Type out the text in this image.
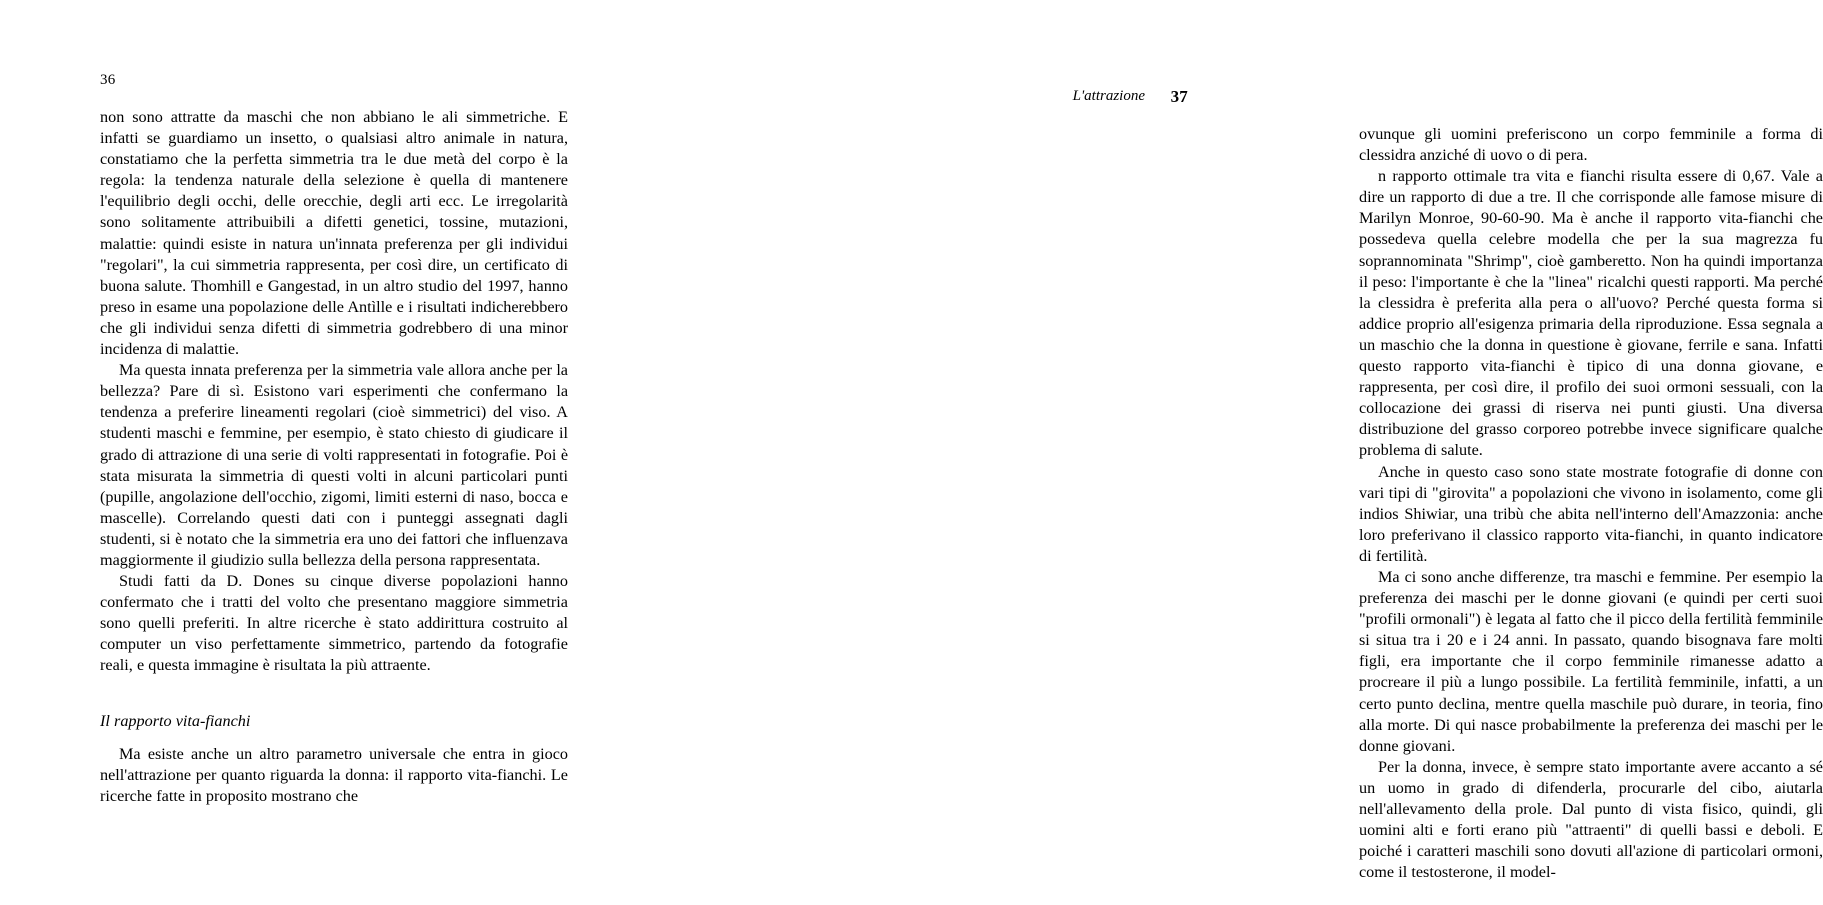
36

non sono attratte da maschi che non abbiano le ali simmetriche. E infatti se guardiamo un insetto, o qualsiasi altro animale in natura, constatiamo che la perfetta simmetria tra le due metà del corpo è la regola: la tendenza naturale della selezione è quella di mantenere l'equilibrio degli occhi, delle orecchie, degli arti ecc. Le irregolarità sono solitamente attribuibili a difetti genetici, tossine, mutazioni, malattie: quindi esiste in natura un'innata preferenza per gli individui "regolari", la cui simmetria rappresenta, per così dire, un certificato di buona salute. Thomhill e Gangestad, in un altro studio del 1997, hanno preso in esame una popolazione delle Antìlle e i risultati indicherebbero che gli individui senza difetti di simmetria godrebbero di una minor incidenza di malattie.

Ma questa innata preferenza per la simmetria vale allora anche per la bellezza? Pare di sì. Esistono vari esperimenti che confermano la tendenza a preferire lineamenti regolari (cioè simmetrici) del viso. A studenti maschi e femmine, per esempio, è stato chiesto di giudicare il grado di attrazione di una serie di volti rappresentati in fotografie. Poi è stata misurata la simmetria di questi volti in alcuni particolari punti (pupille, angolazione dell'occhio, zigomi, limiti esterni di naso, bocca e mascelle). Correlando questi dati con i punteggi assegnati dagli studenti, si è notato che la simmetria era uno dei fattori che influenzava maggiormente il giudizio sulla bellezza della persona rappresentata.

Studi fatti da D. Dones su cinque diverse popolazioni hanno confermato che i tratti del volto che presentano maggiore simmetria sono quelli preferiti. In altre ricerche è stato addirittura costruito al computer un viso perfettamente simmetrico, partendo da fotografie reali, e questa immagine è risultata la più attraente.

Il rapporto vita-fianchi

Ma esiste anche un altro parametro universale che entra in gioco nell'attrazione per quanto riguarda la donna: il rapporto vita-fianchi. Le ricerche fatte in proposito mostrano che

L'attrazione 37

ovunque gli uomini preferiscono un corpo femminile a forma di clessidra anziché di uovo o di pera.

n rapporto ottimale tra vita e fianchi risulta essere di 0,67. Vale a dire un rapporto di due a tre. Il che corrisponde alle famose misure di Marilyn Monroe, 90-60-90. Ma è anche il rapporto vita-fianchi che possedeva quella celebre modella che per la sua magrezza fu soprannominata "Shrimp", cioè gamberetto. Non ha quindi importanza il peso: l'importante è che la "linea" ricalchi questi rapporti. Ma perché la clessidra è preferita alla pera o all'uovo? Perché questa forma si addice proprio all'esigenza primaria della riproduzione. Essa segnala a un maschio che la donna in questione è giovane, ferrile e sana. Infatti questo rapporto vita-fianchi è tipico di una donna giovane, e rappresenta, per così dire, il profilo dei suoi ormoni sessuali, con la collocazione dei grassi di riserva nei punti giusti. Una diversa distribuzione del grasso corporeo potrebbe invece significare qualche problema di salute.

Anche in questo caso sono state mostrate fotografie di donne con vari tipi di "girovita" a popolazioni che vivono in isolamento, come gli indios Shiwiar, una tribù che abita nell'interno dell'Amazzonia: anche loro preferivano il classico rapporto vita-fianchi, in quanto indicatore di fertilità.

Ma ci sono anche differenze, tra maschi e femmine. Per esempio la preferenza dei maschi per le donne giovani (e quindi per certi suoi "profili ormonali") è legata al fatto che il picco della fertilità femminile si situa tra i 20 e i 24 anni. In passato, quando bisognava fare molti figli, era importante che il corpo femminile rimanesse adatto a procreare il più a lungo possibile. La fertilità femminile, infatti, a un certo punto declina, mentre quella maschile può durare, in teoria, fino alla morte. Di qui nasce probabilmente la preferenza dei maschi per le donne giovani.

Per la donna, invece, è sempre stato importante avere accanto a sé un uomo in grado di difenderla, procurarle del cibo, aiutarla nell'allevamento della prole. Dal punto di vista fisico, quindi, gli uomini alti e forti erano più "attraenti" di quelli bassi e deboli. E poiché i caratteri maschili sono dovuti all'azione di particolari ormoni, come il testosterone, il model-
